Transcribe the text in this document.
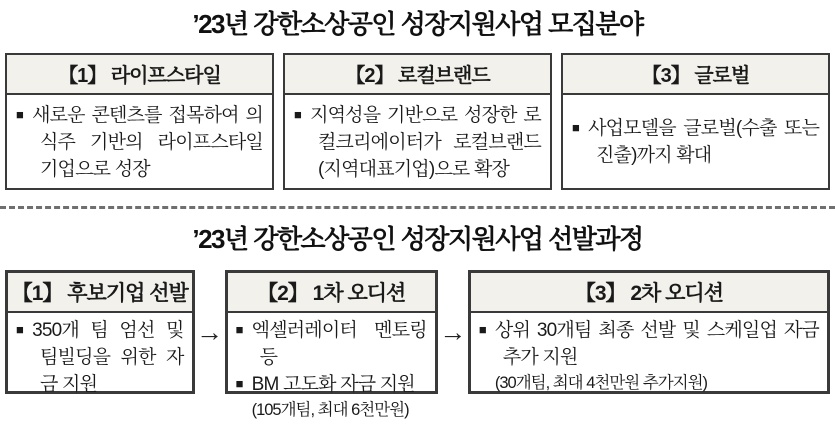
’23년 강한소상공인 성장지원사업 모집분야
【1】 라이프스타일
■ 새로운 콘텐츠를 접목하여 의식주 기반의 라이프스타일 기업으로 성장
【2】 로컬브랜드
■ 지역성을 기반으로 성장한 로컬크리에이터가 로컬브랜드(지역대표기업)으로 확장
【3】 글로벌
■ 사업모델을 글로벌(수출 또는 진출)까지 확대
’23년 강한소상공인 성장지원사업 선발과정
【1】 후보기업 선발
■ 350개 팀 엄선 및 팀빌딩을 위한 자금 지원
→
【2】 1차 오디션
■ 엑셀러레이터 멘토링 등
■ BM 고도화 자금 지원
(105개팀, 최대 6천만원)
→
【3】 2차 오디션
■ 상위 30개팀 최종 선발 및 스케일업 자금 추가 지원
(30개팀, 최대 4천만원 추가지원)
